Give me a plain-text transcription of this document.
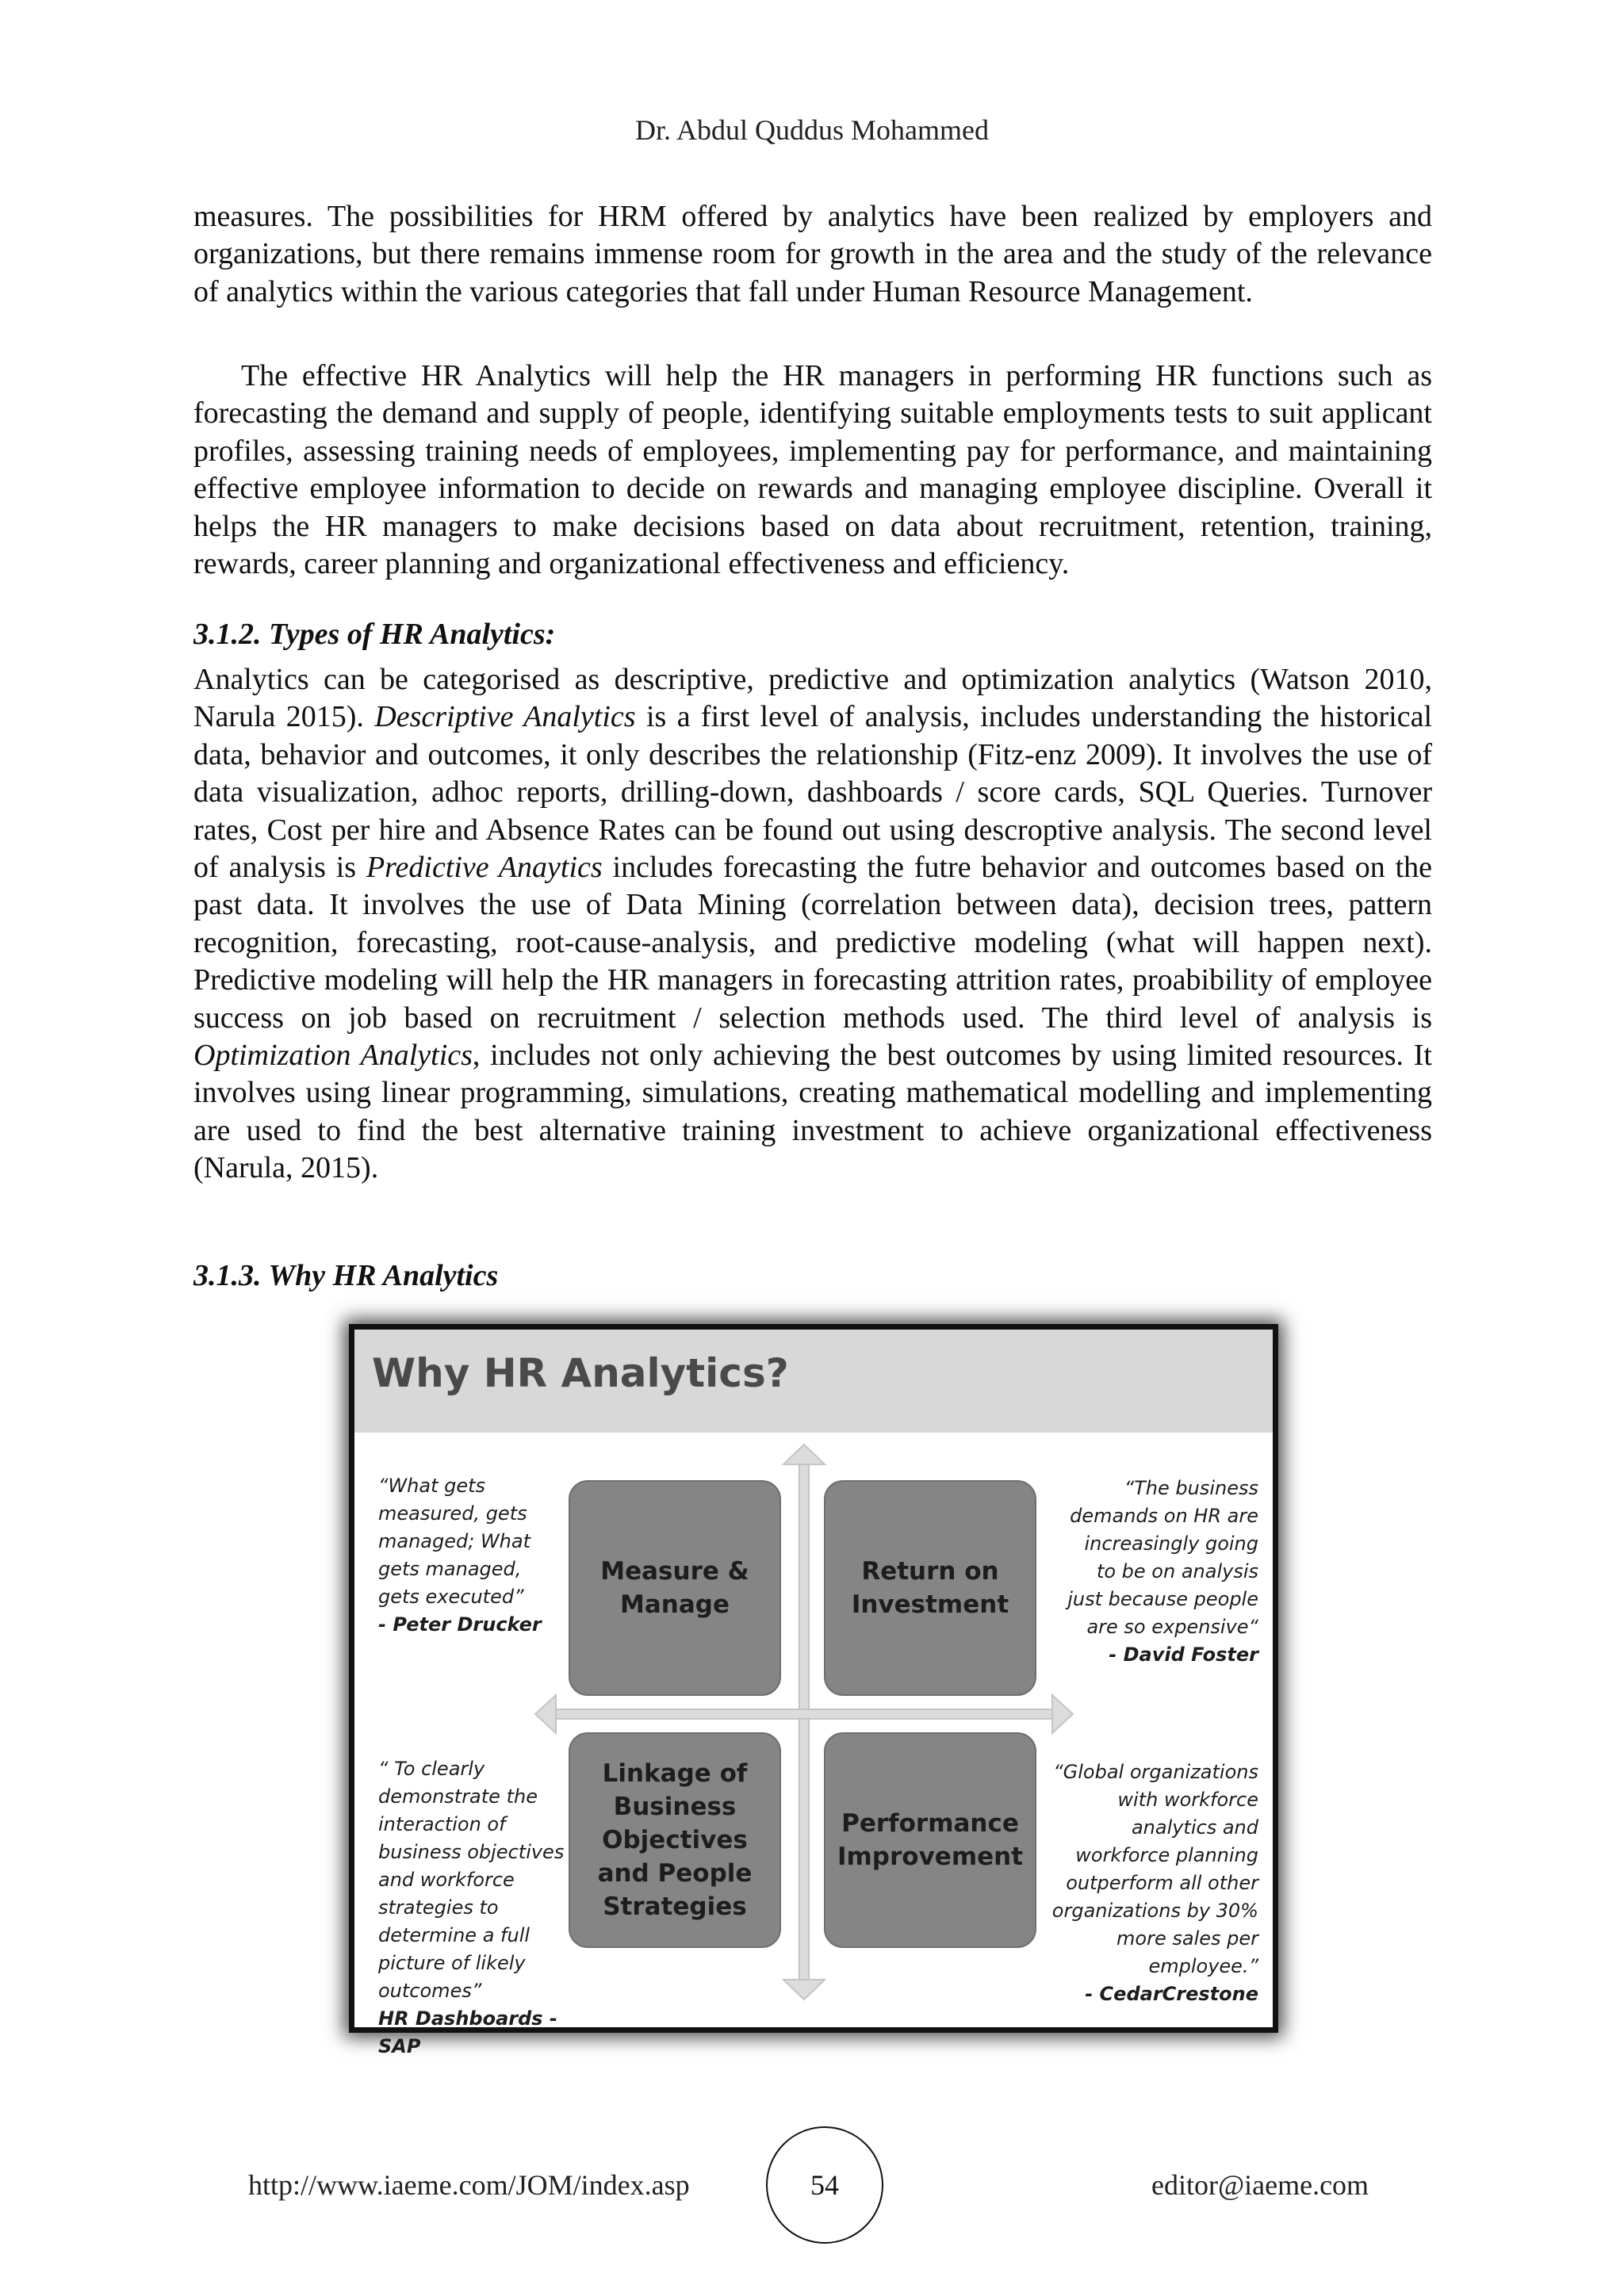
Dr. Abdul Quddus Mohammed

measures. The possibilities for HRM offered by analytics have been realized by employers and organizations, but there remains immense room for growth in the area and the study of the relevance of analytics within the various categories that fall under Human Resource Management.

The effective HR Analytics will help the HR managers in performing HR functions such as forecasting the demand and supply of people, identifying suitable employments tests to suit applicant profiles, assessing training needs of employees, implementing pay for performance, and maintaining effective employee information to decide on rewards and managing employee discipline. Overall it helps the HR managers to make decisions based on data about recruitment, retention, training, rewards, career planning and organizational effectiveness and efficiency.

3.1.2. Types of HR Analytics:

Analytics can be categorised as descriptive, predictive and optimization analytics (Watson 2010, Narula 2015). Descriptive Analytics is a first level of analysis, includes understanding the historical data, behavior and outcomes, it only describes the relationship (Fitz-enz 2009). It involves the use of data visualization, adhoc reports, drilling-down, dashboards / score cards, SQL Queries. Turnover rates, Cost per hire and Absence Rates can be found out using descroptive analysis. The second level of analysis is Predictive Anaytics includes forecasting the futre behavior and outcomes based on the past data. It involves the use of Data Mining (correlation between data), decision trees, pattern recognition, forecasting, root-cause-analysis, and predictive modeling (what will happen next). Predictive modeling will help the HR managers in forecasting attrition rates, proabibility of employee success on job based on recruitment / selection methods used. The third level of analysis is Optimization Analytics, includes not only achieving the best outcomes by using limited resources. It involves using linear programming, simulations, creating mathematical modelling and implementing are used to find the best alternative training investment to achieve organizational effectiveness (Narula, 2015).

3.1.3. Why HR Analytics

Why HR Analytics?
Measure &
Manage
Return on
Investment
Linkage of
Business
Objectives
and People
Strategies
Performance
Improvement

“What gets
measured, gets
managed; What
gets managed,
gets executed”

- Peter Drucker

“The business
demands on HR are
increasingly going
to be on analysis
just because people
are so expensive“

- David Foster

“ To clearly
demonstrate the
interaction of
business objectives
and workforce
strategies to
determine a full
picture of likely
outcomes”

HR Dashboards - SAP

“Global organizations
with workforce
analytics and
workforce planning
outperform all other
organizations by 30%
more sales per
employee.”

- CedarCrestone

http://www.iaeme.com/JOM/index.asp	54	editor@iaeme.com
